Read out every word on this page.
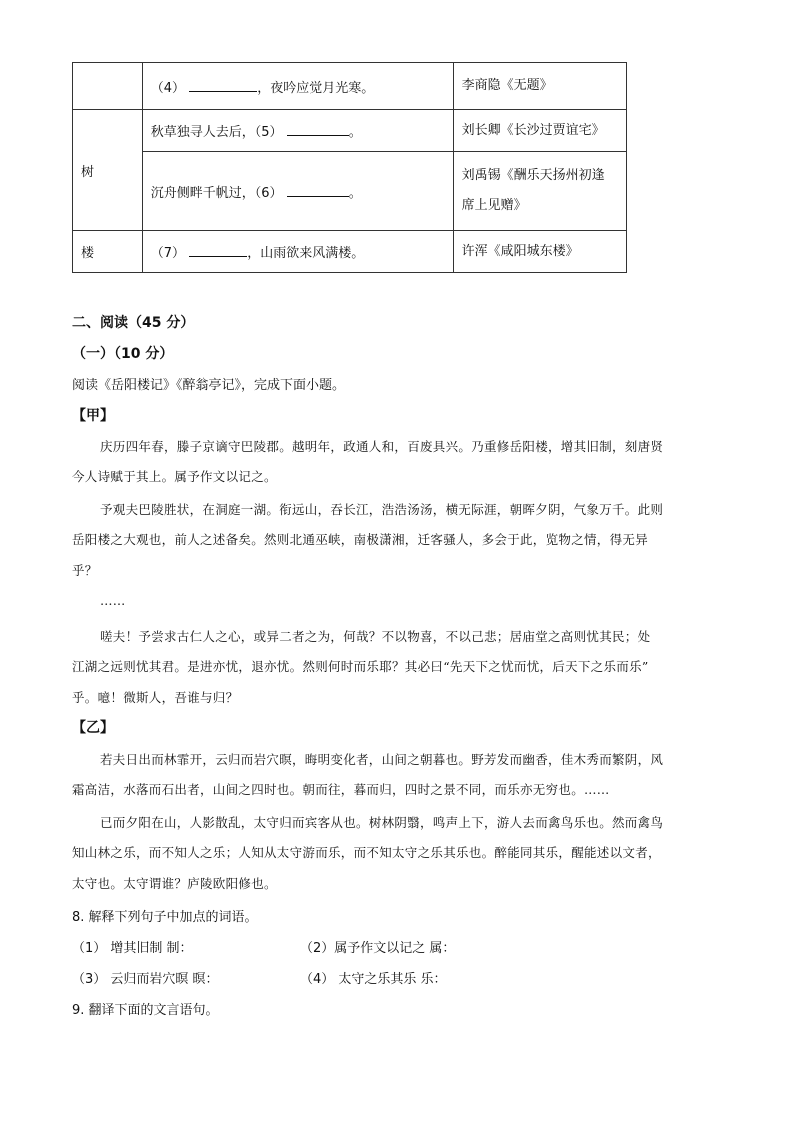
	（4） ，夜吟应觉月光寒。	李商隐《无题》
树	秋草独寻人去后，（5） 。	刘长卿《长沙过贾谊宅》
	沉舟侧畔千帆过，（6） 。	刘禹锡《酬乐天扬州初逢
席上见赠》

楼	（7） ，山雨欲来风满楼。	许浑《咸阳城东楼》
二、阅读（45 分）
（一）（10 分）
阅读《岳阳楼记》《醉翁亭记》，完成下面小题。
【甲】
庆历四年春，滕子京谪守巴陵郡。越明年，政通人和，百废具兴。乃重修岳阳楼，增其旧制，刻唐贤
今人诗赋于其上。属予作文以记之。
予观夫巴陵胜状，在洞庭一湖。衔远山，吞长江，浩浩汤汤，横无际涯，朝晖夕阴，气象万千。此则
岳阳楼之大观也，前人之述备矣。然则北通巫峡，南极潇湘，迁客骚人，多会于此，览物之情，得无异
乎？
……
嗟夫！予尝求古仁人之心，或异二者之为，何哉？不以物喜，不以己悲；居庙堂之高则忧其民；处
江湖之远则忧其君。是进亦忧，退亦忧。然则何时而乐耶？其必曰“先天下之忧而忧，后天下之乐而乐”
乎。噫！微斯人，吾谁与归？
【乙】
若夫日出而林霏开，云归而岩穴暝，晦明变化者，山间之朝暮也。野芳发而幽香，佳木秀而繁阴，风
霜高洁，水落而石出者，山间之四时也。朝而往，暮而归，四时之景不同，而乐亦无穷也。……
已而夕阳在山，人影散乱，太守归而宾客从也。树林阴翳，鸣声上下，游人去而禽鸟乐也。然而禽鸟
知山林之乐，而不知人之乐；人知从太守游而乐，而不知太守之乐其乐也。醉能同其乐，醒能述以文者，
太守也。太守谓谁？庐陵欧阳修也。
8. 解释下列句子中加点的词语。
（1） 增其旧制 制：	（2）属予作文以记之 属：
（3） 云归而岩穴暝 暝：	（4） 太守之乐其乐 乐：
9. 翻译下面的文言语句。
